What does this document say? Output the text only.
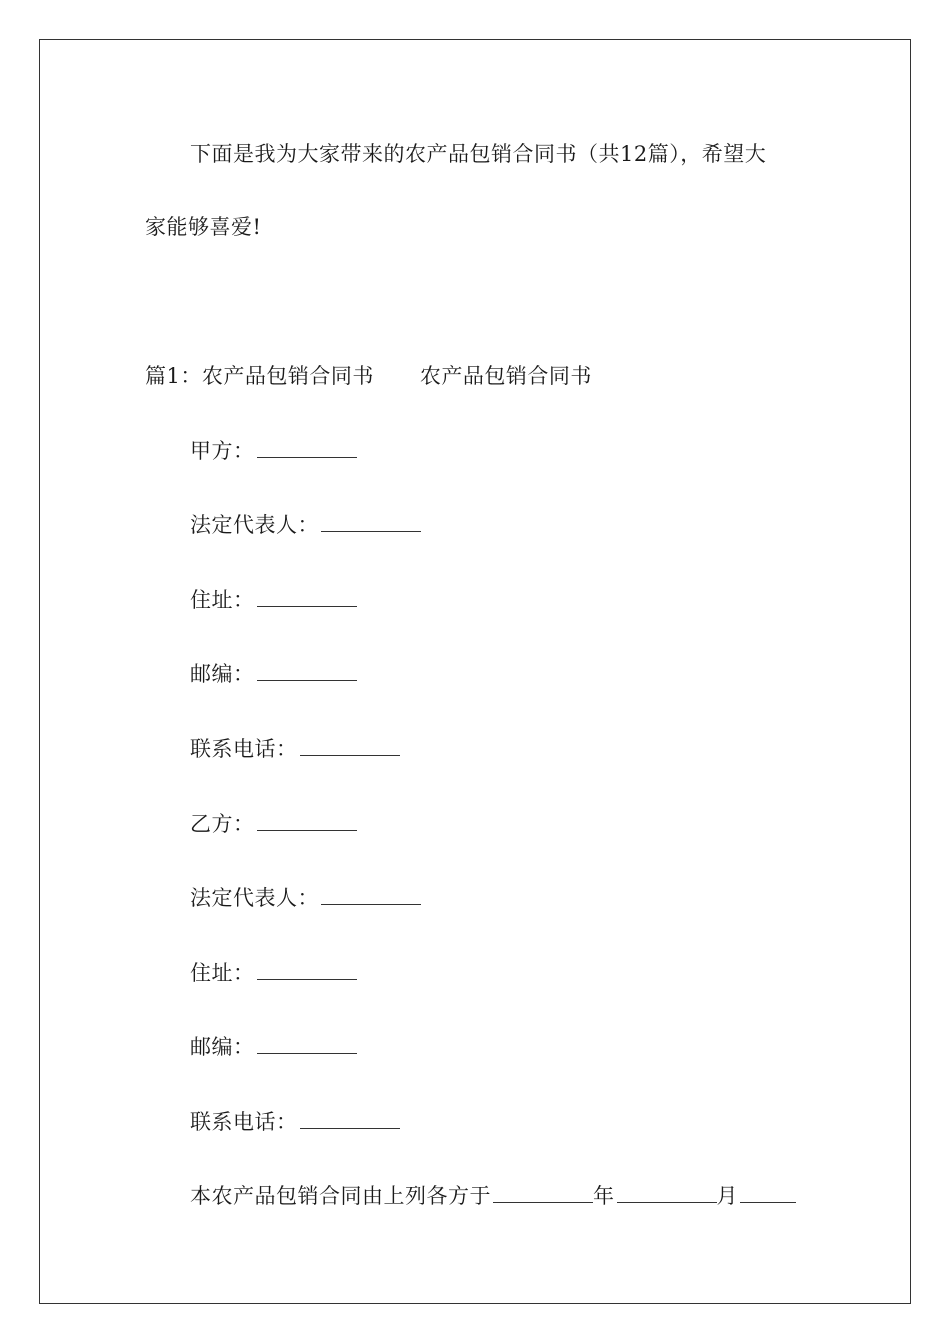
下面是我为大家带来的农产品包销合同书（共12篇），希望大
家能够喜爱!
篇1：农产品包销合同书 农产品包销合同书
甲方：
法定代表人：
住址：
邮编：
联系电话：
乙方：
法定代表人：
住址：
邮编：
联系电话：
本农产品包销合同由上列各方于	年	月
